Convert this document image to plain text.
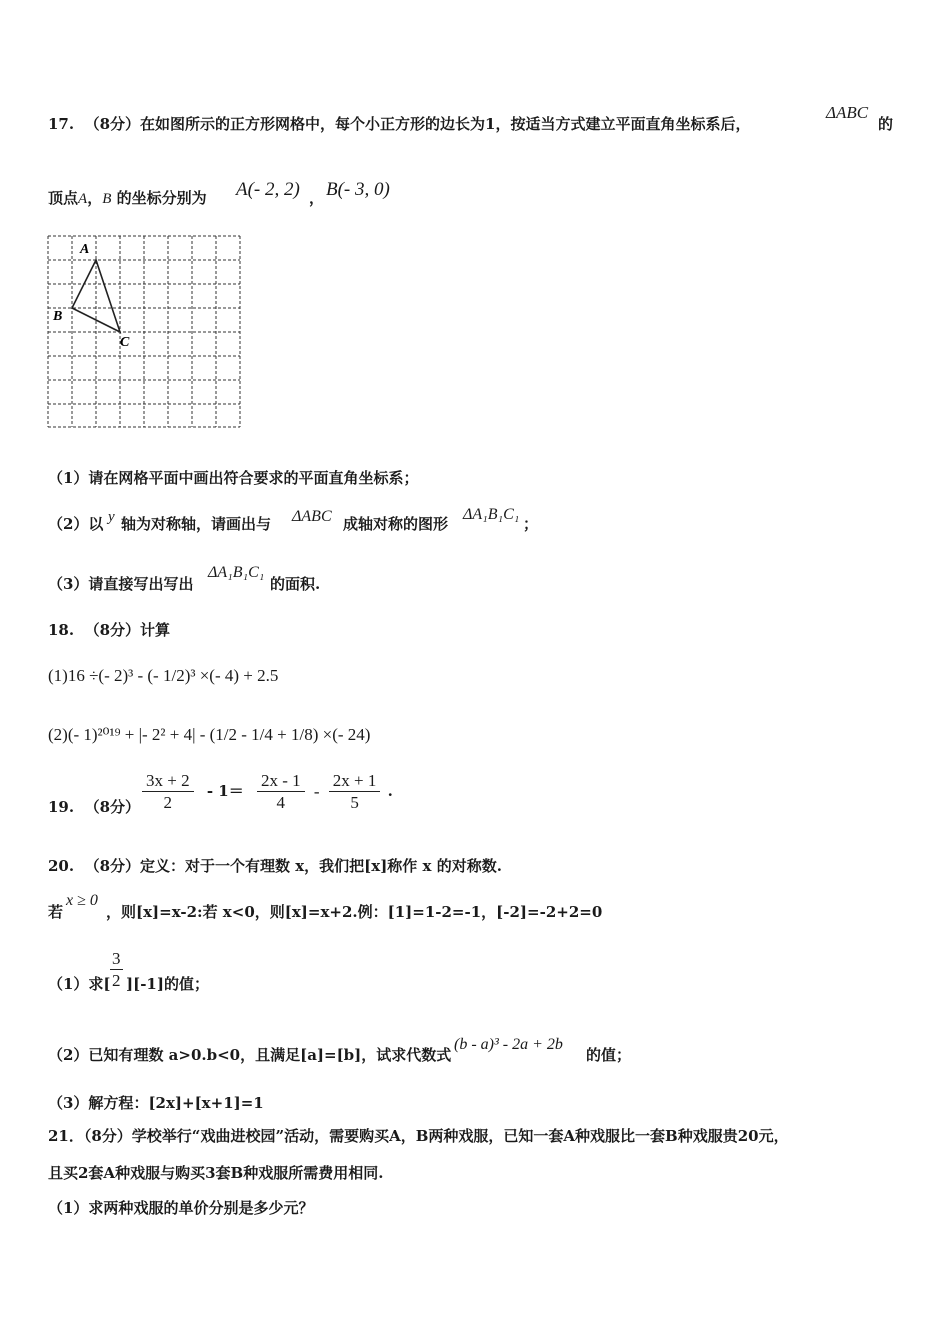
17. （8分）在如图所示的正方形网格中，每个小正方形的边长为1，按适当方式建立平面直角坐标系后，
ΔABC
的
顶点A，B 的坐标分别为 A(- 2, 2) ， B(- 3, 0)
A
B
C
（1）请在网格平面中画出符合要求的平面直角坐标系；
（2）以 y 轴为对称轴，请画出与 ΔABC 成轴对称的图形
ΔA₁B₁C₁
；
（3）请直接写出写出
ΔA₁B₁C₁
的面积.
18. （8分）计算
(1)16 ÷(- 2)³ - (- 1/2)³ ×(- 4) + 2.5
(2)(- 1)²⁰¹⁹ + |- 2² + 4| - (1/2 - 1/4 + 1/8) ×(- 24)
19. （8分） $\frac{3x + 2}{2} - 1= \frac{2x - 1}{4} - \frac{2x + 1}{5}$ .
20. （8分）定义：对于一个有理数 x，我们把[x]称作 x 的对称数.
若
x ≥ 0
，则[x]=x-2:若 x<0，则[x]=x+2.例：[1]=1-2=-1，[-2]=-2+2=0
（1）求[ $\frac{3}{2} ][-1]$的值；
（2）已知有理数 a>0.b<0，且满足[a]=[b]，试求代数式
(b - a)³ - 2a + 2b
的值；
（3）解方程：[2x]+[x+1]=1
21．（8分）学校举行“戏曲进校园”活动，需要购买A，B两种戏服，已知一套A种戏服比一套B种戏服贵20元，
且买2套A种戏服与购买3套B种戏服所需费用相同.
（1）求两种戏服的单价分别是多少元？
